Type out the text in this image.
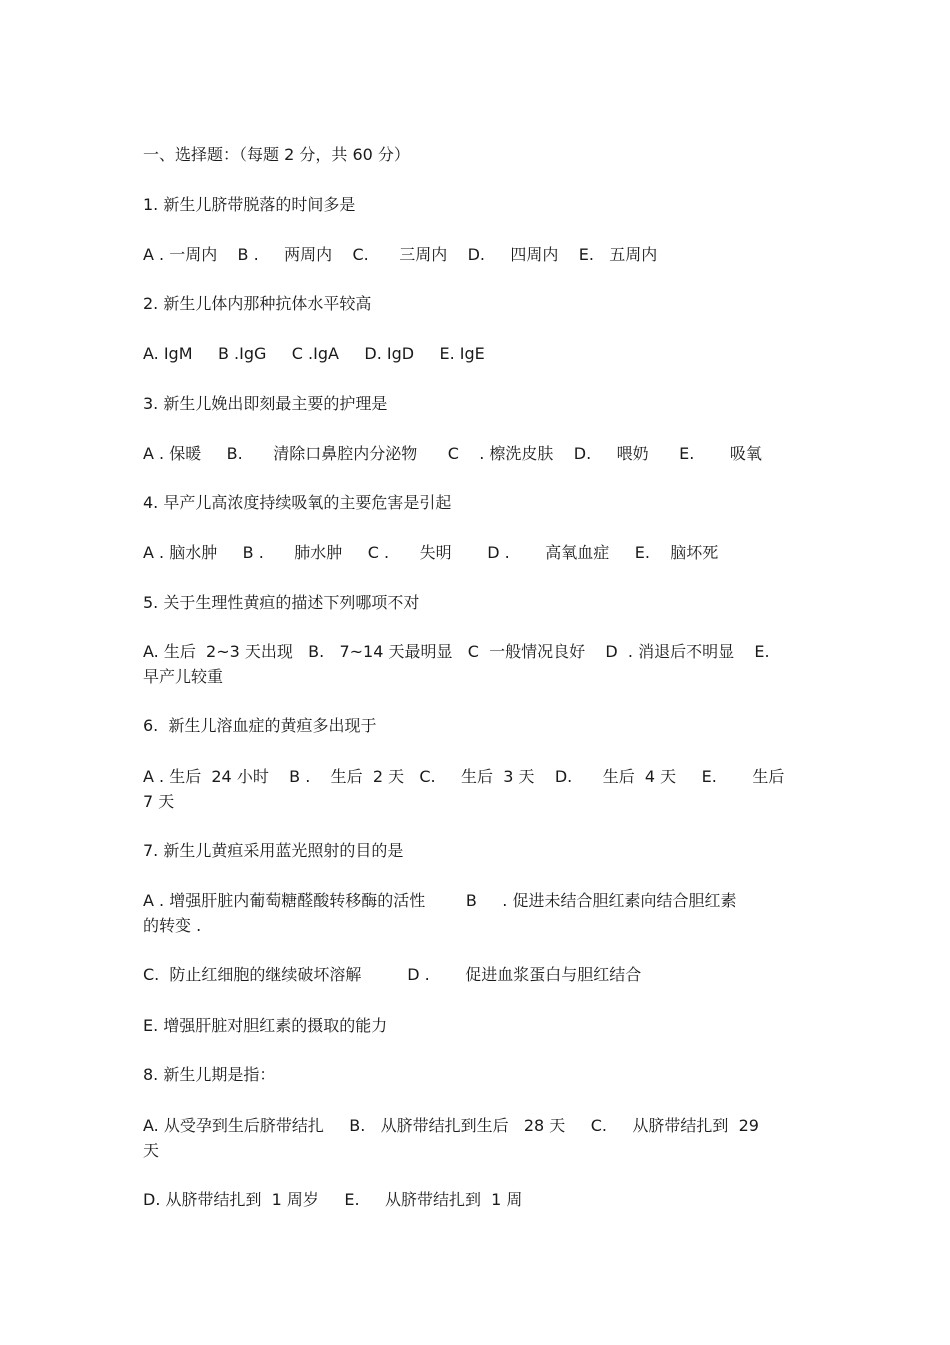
一、选择题：（每题 2 分，共 60 分）
1. 新生儿脐带脱落的时间多是
A . 一周内    B .     两周内    C.      三周内    D.     四周内    E.   五周内
2. 新生儿体内那种抗体水平较高
A. IgM     B .IgG     C .IgA     D. IgD     E. IgE
3. 新生儿娩出即刻最主要的护理是
A . 保暖     B.      清除口鼻腔内分泌物      C    . 檫洗皮肤    D.     喂奶      E.       吸氧
4. 早产儿高浓度持续吸氧的主要危害是引起
A . 脑水肿     B .      肺水肿     C .      失明       D .       高氧血症     E.    脑坏死
5. 关于生理性黄疸的描述下列哪项不对
A. 生后  2~3 天出现   B.   7~14 天最明显   C  一般情况良好    D  . 消退后不明显    E.
早产儿较重
6.  新生儿溶血症的黄疸多出现于
A . 生后  24 小时    B .    生后  2 天   C.     生后  3 天    D.      生后  4 天     E.       生后
7 天
7. 新生儿黄疸采用蓝光照射的目的是
A . 增强肝脏内葡萄糖醛酸转移酶的活性        B     . 促进未结合胆红素向结合胆红素
的转变 .
C.  防止红细胞的继续破坏溶解         D .       促进血浆蛋白与胆红结合
E. 增强肝脏对胆红素的摄取的能力
8. 新生儿期是指：
A. 从受孕到生后脐带结扎     B.   从脐带结扎到生后   28 天     C.     从脐带结扎到  29
天
D. 从脐带结扎到  1 周岁     E.     从脐带结扎到  1 周
